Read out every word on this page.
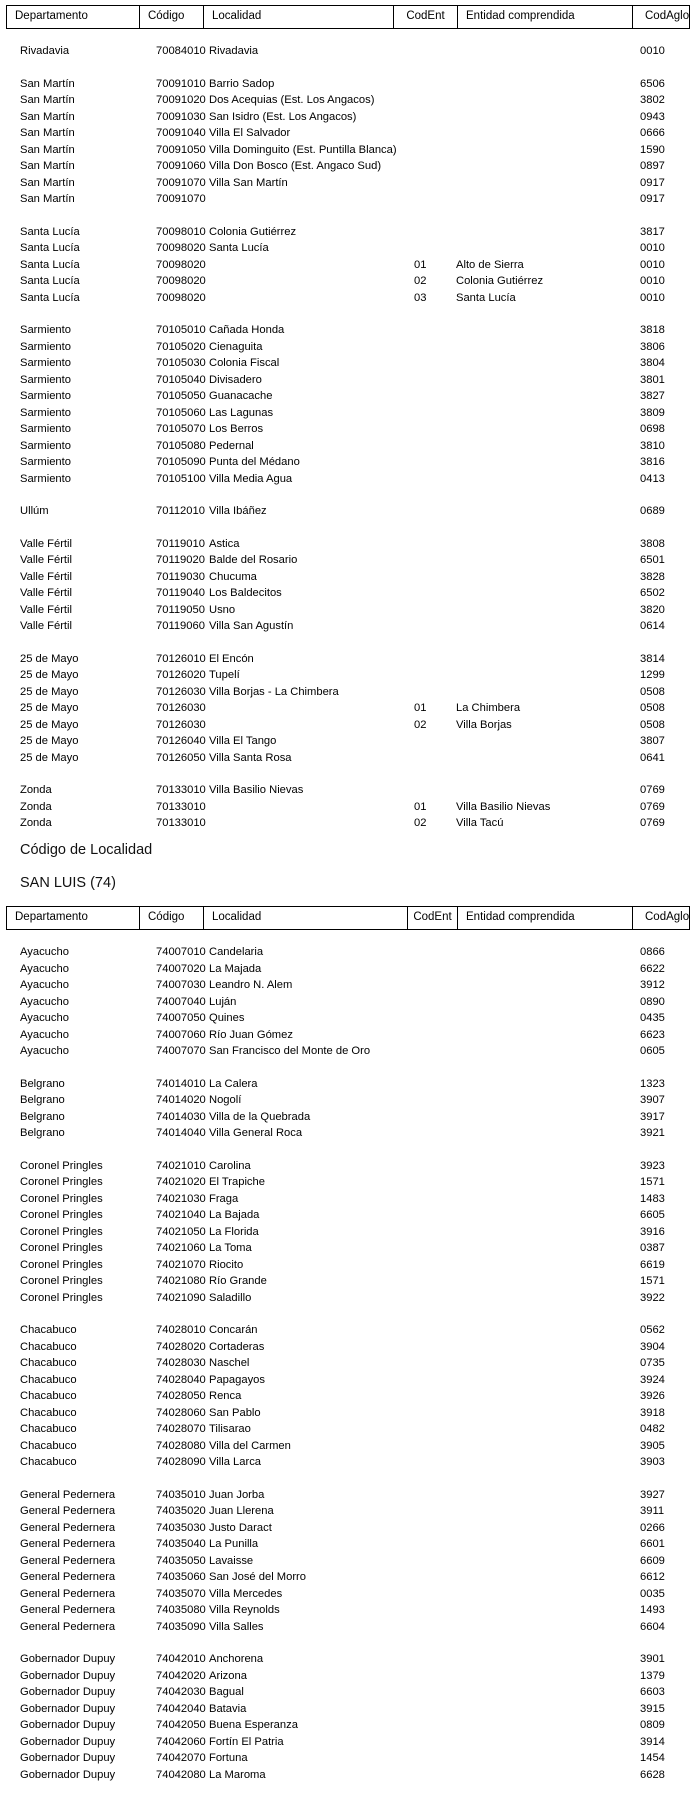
Departamento	Código	Localidad	CodEnt	Entidad comprendida	CodAglo
Rivadavia	70084010 Rivadavia	0010
San Martín	70091010 Barrio Sadop	6506
San Martín	70091020 Dos Acequias (Est. Los Angacos)	3802
San Martín	70091030 San Isidro (Est. Los Angacos)	0943
San Martín	70091040 Villa El Salvador	0666
San Martín	70091050 Villa Dominguito (Est. Puntilla Blanca)	1590
San Martín	70091060 Villa Don Bosco (Est. Angaco Sud)	0897
San Martín	70091070 Villa San Martín	0917
San Martín	70091070	0917
Santa Lucía	70098010 Colonia Gutiérrez	3817
Santa Lucía	70098020 Santa Lucía	0010
Santa Lucía	70098020	01	Alto de Sierra	0010
Santa Lucía	70098020	02	Colonia Gutiérrez	0010
Santa Lucía	70098020	03	Santa Lucía	0010
Sarmiento	70105010 Cañada Honda	3818
Sarmiento	70105020 Cienaguita	3806
Sarmiento	70105030 Colonia Fiscal	3804
Sarmiento	70105040 Divisadero	3801
Sarmiento	70105050 Guanacache	3827
Sarmiento	70105060 Las Lagunas	3809
Sarmiento	70105070 Los Berros	0698
Sarmiento	70105080 Pedernal	3810
Sarmiento	70105090 Punta del Médano	3816
Sarmiento	70105100 Villa Media Agua	0413
Ullúm	70112010 Villa Ibáñez	0689
Valle Fértil	70119010 Astica	3808
Valle Fértil	70119020 Balde del Rosario	6501
Valle Fértil	70119030 Chucuma	3828
Valle Fértil	70119040 Los Baldecitos	6502
Valle Fértil	70119050 Usno	3820
Valle Fértil	70119060 Villa San Agustín	0614
25 de Mayo	70126010 El Encón	3814
25 de Mayo	70126020 Tupelí	1299
25 de Mayo	70126030 Villa Borjas - La Chimbera	0508
25 de Mayo	70126030	01	La Chimbera	0508
25 de Mayo	70126030	02	Villa Borjas	0508
25 de Mayo	70126040 Villa El Tango	3807
25 de Mayo	70126050 Villa Santa Rosa	0641
Zonda	70133010 Villa Basilio Nievas	0769
Zonda	70133010	01	Villa Basilio Nievas	0769
Zonda	70133010	02	Villa Tacú	0769
Código de Localidad
SAN LUIS (74)
Departamento	Código	Localidad	CodEnt	Entidad comprendida	CodAglo
Ayacucho	74007010 Candelaria	0866
Ayacucho	74007020 La Majada	6622
Ayacucho	74007030 Leandro N. Alem	3912
Ayacucho	74007040 Luján	0890
Ayacucho	74007050 Quines	0435
Ayacucho	74007060 Río Juan Gómez	6623
Ayacucho	74007070 San Francisco del Monte de Oro	0605
Belgrano	74014010 La Calera	1323
Belgrano	74014020 Nogolí	3907
Belgrano	74014030 Villa de la Quebrada	3917
Belgrano	74014040 Villa General Roca	3921
Coronel Pringles	74021010 Carolina	3923
Coronel Pringles	74021020 El Trapiche	1571
Coronel Pringles	74021030 Fraga	1483
Coronel Pringles	74021040 La Bajada	6605
Coronel Pringles	74021050 La Florida	3916
Coronel Pringles	74021060 La Toma	0387
Coronel Pringles	74021070 Riocito	6619
Coronel Pringles	74021080 Río Grande	1571
Coronel Pringles	74021090 Saladillo	3922
Chacabuco	74028010 Concarán	0562
Chacabuco	74028020 Cortaderas	3904
Chacabuco	74028030 Naschel	0735
Chacabuco	74028040 Papagayos	3924
Chacabuco	74028050 Renca	3926
Chacabuco	74028060 San Pablo	3918
Chacabuco	74028070 Tilisarao	0482
Chacabuco	74028080 Villa del Carmen	3905
Chacabuco	74028090 Villa Larca	3903
General Pedernera	74035010 Juan Jorba	3927
General Pedernera	74035020 Juan Llerena	3911
General Pedernera	74035030 Justo Daract	0266
General Pedernera	74035040 La Punilla	6601
General Pedernera	74035050 Lavaisse	6609
General Pedernera	74035060 San José del Morro	6612
General Pedernera	74035070 Villa Mercedes	0035
General Pedernera	74035080 Villa Reynolds	1493
General Pedernera	74035090 Villa Salles	6604
Gobernador Dupuy	74042010 Anchorena	3901
Gobernador Dupuy	74042020 Arizona	1379
Gobernador Dupuy	74042030 Bagual	6603
Gobernador Dupuy	74042040 Batavia	3915
Gobernador Dupuy	74042050 Buena Esperanza	0809
Gobernador Dupuy	74042060 Fortín El Patria	3914
Gobernador Dupuy	74042070 Fortuna	1454
Gobernador Dupuy	74042080 La Maroma	6628
